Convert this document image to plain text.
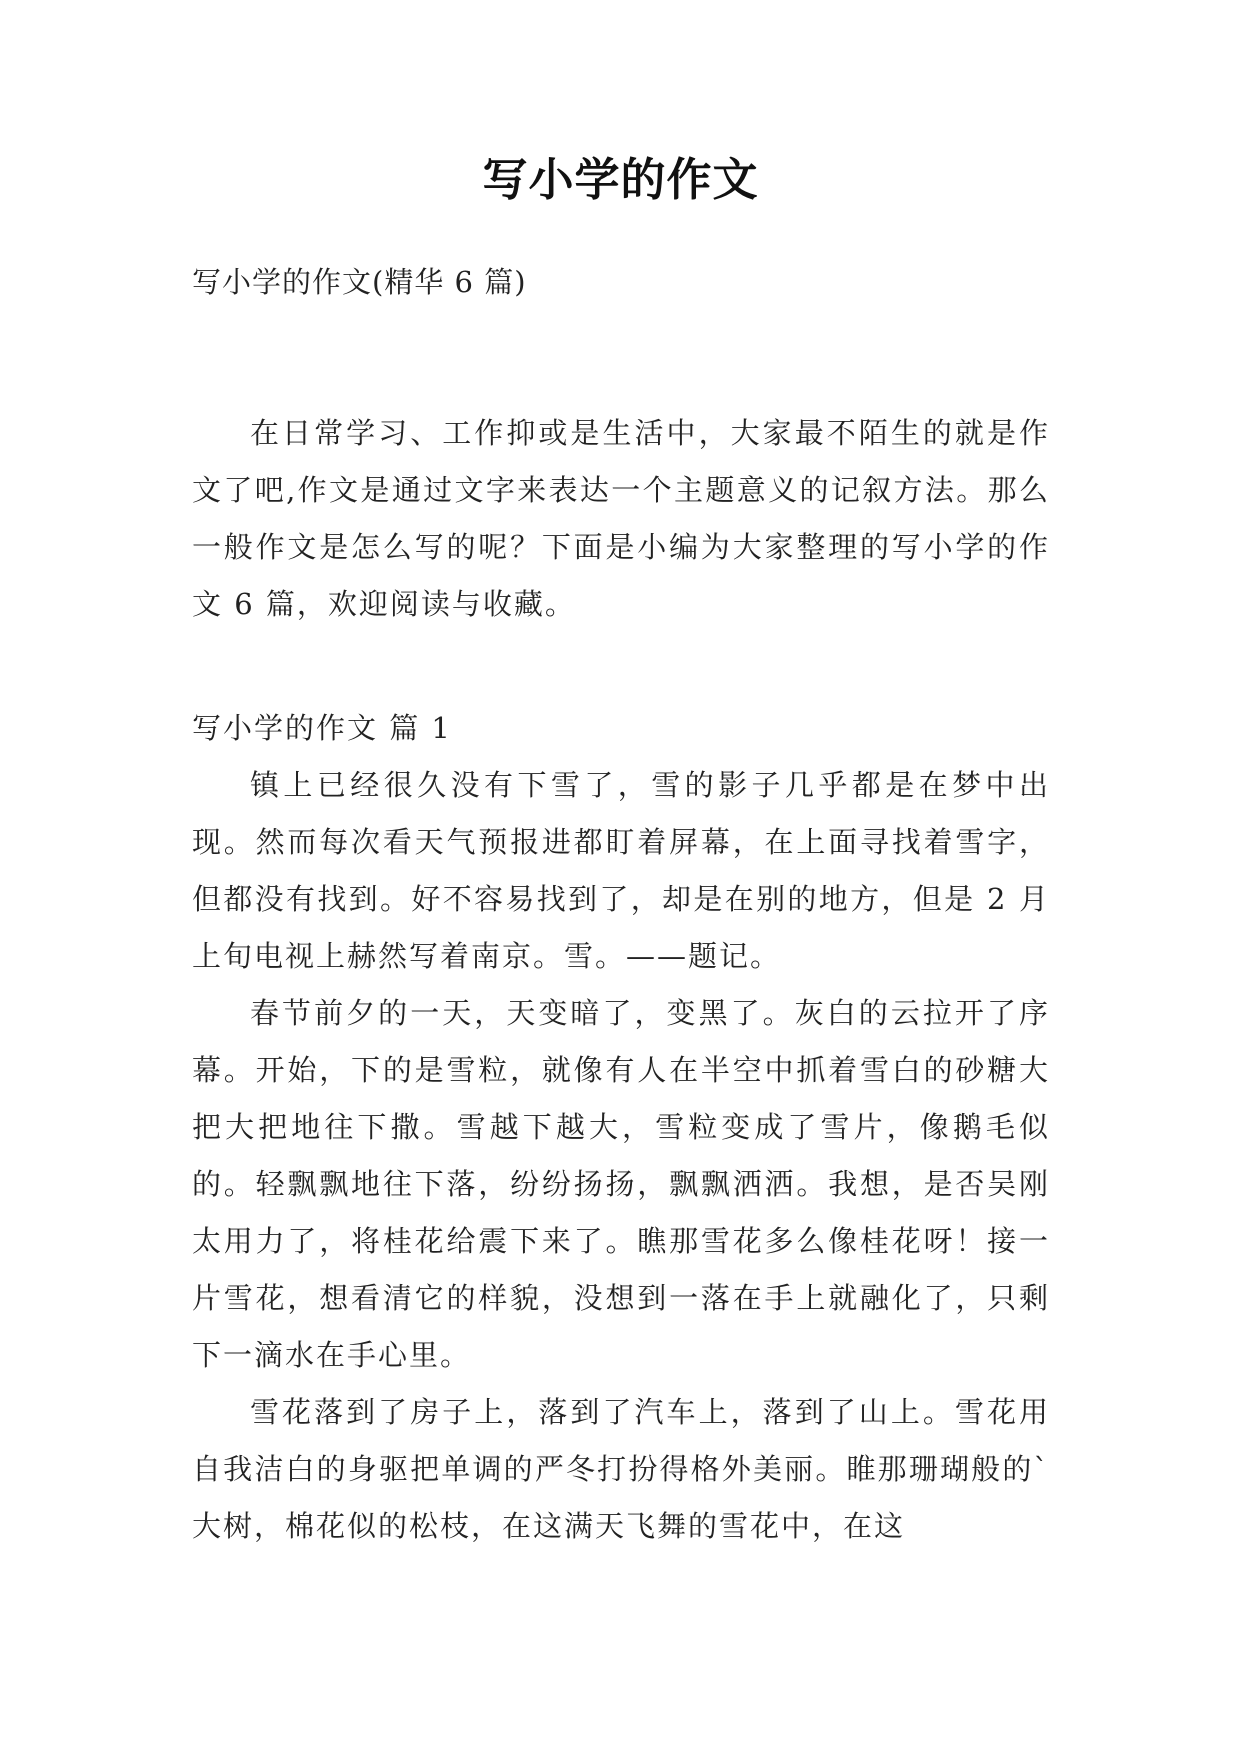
写小学的作文
写小学的作文(精华 6 篇)

在日常学习、工作抑或是生活中，大家最不陌生的就是作文了吧,作文是通过文字来表达一个主题意义的记叙方法。那么一般作文是怎么写的呢？下面是小编为大家整理的写小学的作文 6 篇，欢迎阅读与收藏。

写小学的作文 篇 1

镇上已经很久没有下雪了，雪的影子几乎都是在梦中出现。然而每次看天气预报进都盯着屏幕，在上面寻找着雪字，但都没有找到。好不容易找到了，却是在别的地方，但是 2 月上旬电视上赫然写着南京。雪。——题记。

春节前夕的一天，天变暗了，变黑了。灰白的云拉开了序幕。开始，下的是雪粒，就像有人在半空中抓着雪白的砂糖大把大把地往下撒。雪越下越大，雪粒变成了雪片，像鹅毛似的。轻飘飘地往下落，纷纷扬扬，飘飘洒洒。我想，是否吴刚太用力了，将桂花给震下来了。瞧那雪花多么像桂花呀！接一片雪花，想看清它的样貌，没想到一落在手上就融化了，只剩下一滴水在手心里。

雪花落到了房子上，落到了汽车上，落到了山上。雪花用自我洁白的身驱把单调的严冬打扮得格外美丽。睢那珊瑚般的`大树，棉花似的松枝，在这满天飞舞的雪花中，在这
